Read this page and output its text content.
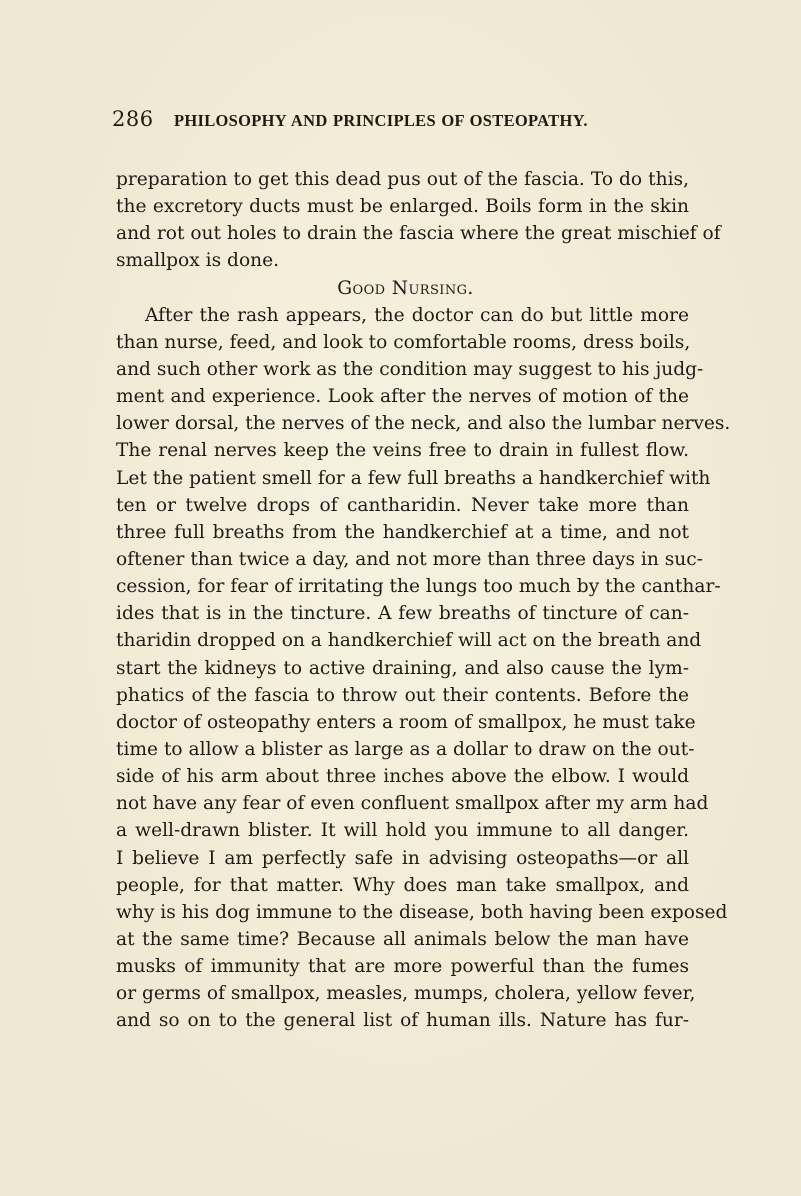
286	PHILOSOPHY AND PRINCIPLES OF OSTEOPATHY.
preparation to get this dead pus out of the fascia. To do this,
the excretory ducts must be enlarged. Boils form in the skin
and rot out holes to drain the fascia where the great mischief of
smallpox is done.
Good Nursing.
After the rash appears, the doctor can do but little more
than nurse, feed, and look to comfortable rooms, dress boils,
and such other work as the condition may suggest to his judg-
ment and experience. Look after the nerves of motion of the
lower dorsal, the nerves of the neck, and also the lumbar nerves.
The renal nerves keep the veins free to drain in fullest flow.
Let the patient smell for a few full breaths a handkerchief with
ten or twelve drops of cantharidin. Never take more than
three full breaths from the handkerchief at a time, and not
oftener than twice a day, and not more than three days in suc-
cession, for fear of irritating the lungs too much by the canthar-
ides that is in the tincture. A few breaths of tincture of can-
tharidin dropped on a handkerchief will act on the breath and
start the kidneys to active draining, and also cause the lym-
phatics of the fascia to throw out their contents. Before the
doctor of osteopathy enters a room of smallpox, he must take
time to allow a blister as large as a dollar to draw on the out-
side of his arm about three inches above the elbow. I would
not have any fear of even confluent smallpox after my arm had
a well-drawn blister. It will hold you immune to all danger.
I believe I am perfectly safe in advising osteopaths—or all
people, for that matter. Why does man take smallpox, and
why is his dog immune to the disease, both having been exposed
at the same time? Because all animals below the man have
musks of immunity that are more powerful than the fumes
or germs of smallpox, measles, mumps, cholera, yellow fever,
and so on to the general list of human ills. Nature has fur-
